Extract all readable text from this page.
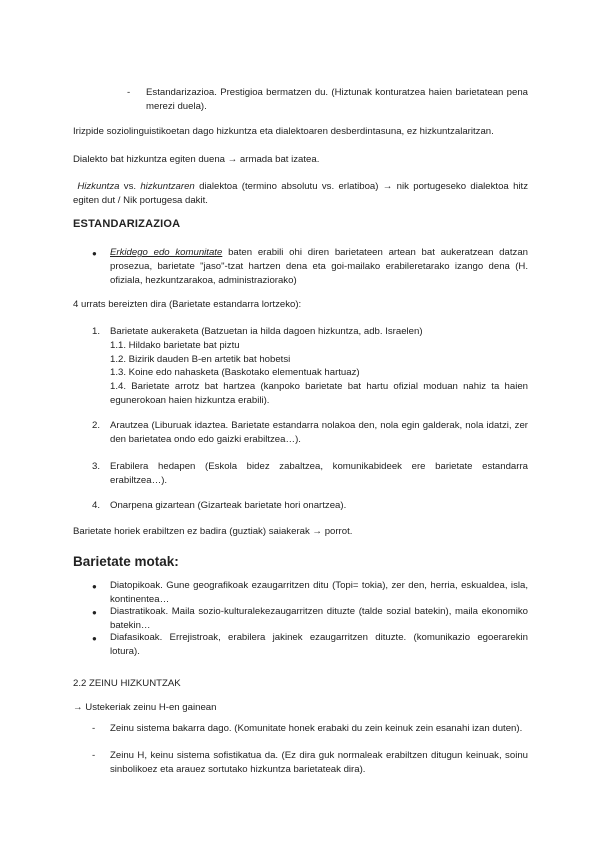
- Estandarizazioa. Prestigioa bermatzen du. (Hiztunak konturatzea haien barietatean pena merezi duela).
Irizpide soziolinguistikoetan dago hizkuntza eta dialektoaren desberdintasuna, ez hizkuntzalaritzan.
Dialekto bat hizkuntza egiten duena → armada bat izatea.
Hizkuntza vs. hizkuntzaren dialektoa (termino absolutu vs. erlatiboa) → nik portugeseko dialektoa hitz egiten dut / Nik portugesa dakit.
ESTANDARIZAZIOA
● Erkidego edo komunitate baten erabili ohi diren barietateen artean bat aukeratzean datzan prosezua, barietate "jaso"-tzat hartzen dena eta goi-mailako erabileretarako izango dena (H. ofiziala, hezkuntzarakoa, administraziorako)
4 urrats bereizten dira (Barietate estandarra lortzeko):
1. Barietate aukeraketa (Batzuetan ia hilda dagoen hizkuntza, adb. Israelen)
1.1. Hildako barietate bat piztu
1.2. Bizirik dauden B-en artetik bat hobetsi
1.3. Koine edo nahasketa (Baskotako elementuak hartuaz)
1.4. Barietate arrotz bat hartzea (kanpoko barietate bat hartu ofizial moduan nahiz ta haien egunerokoan haien hizkuntza erabili).
2. Arautzea (Liburuak idaztea. Barietate estandarra nolakoa den, nola egin galderak, nola idatzi, zer den barietatea ondo edo gaizki erabiltzea…).
3. Erabilera hedapen (Eskola bidez zabaltzea, komunikabideek ere barietate estandarra erabiltzea…).
4. Onarpena gizartean (Gizarteak barietate hori onartzea).
Barietate horiek erabiltzen ez badira (guztiak) saiakerak → porrot.
Barietate motak:
● Diatopikoak. Gune geografikoak ezaugarritzen ditu (Topi= tokia), zer den, herria, eskualdea, isla, kontinentea…
● Diastratikoak. Maila sozio-kulturalekezaugarritzen dituzte (talde sozial batekin), maila ekonomiko batekin…
● Diafasikoak. Errejistroak, erabilera jakinek ezaugarritzen dituzte. (komunikazio egoerarekin lotura).
2.2 ZEINU HIZKUNTZAK
→ Ustekeriak zeinu H-en gainean
- Zeinu sistema bakarra dago. (Komunitate honek erabaki du zein keinuk zein esanahi izan duten).
- Zeinu H, keinu sistema sofistikatua da. (Ez dira guk normaleak erabiltzen ditugun keinuak, soinu sinbolikoez eta arauez sortutako hizkuntza barietateak dira).
